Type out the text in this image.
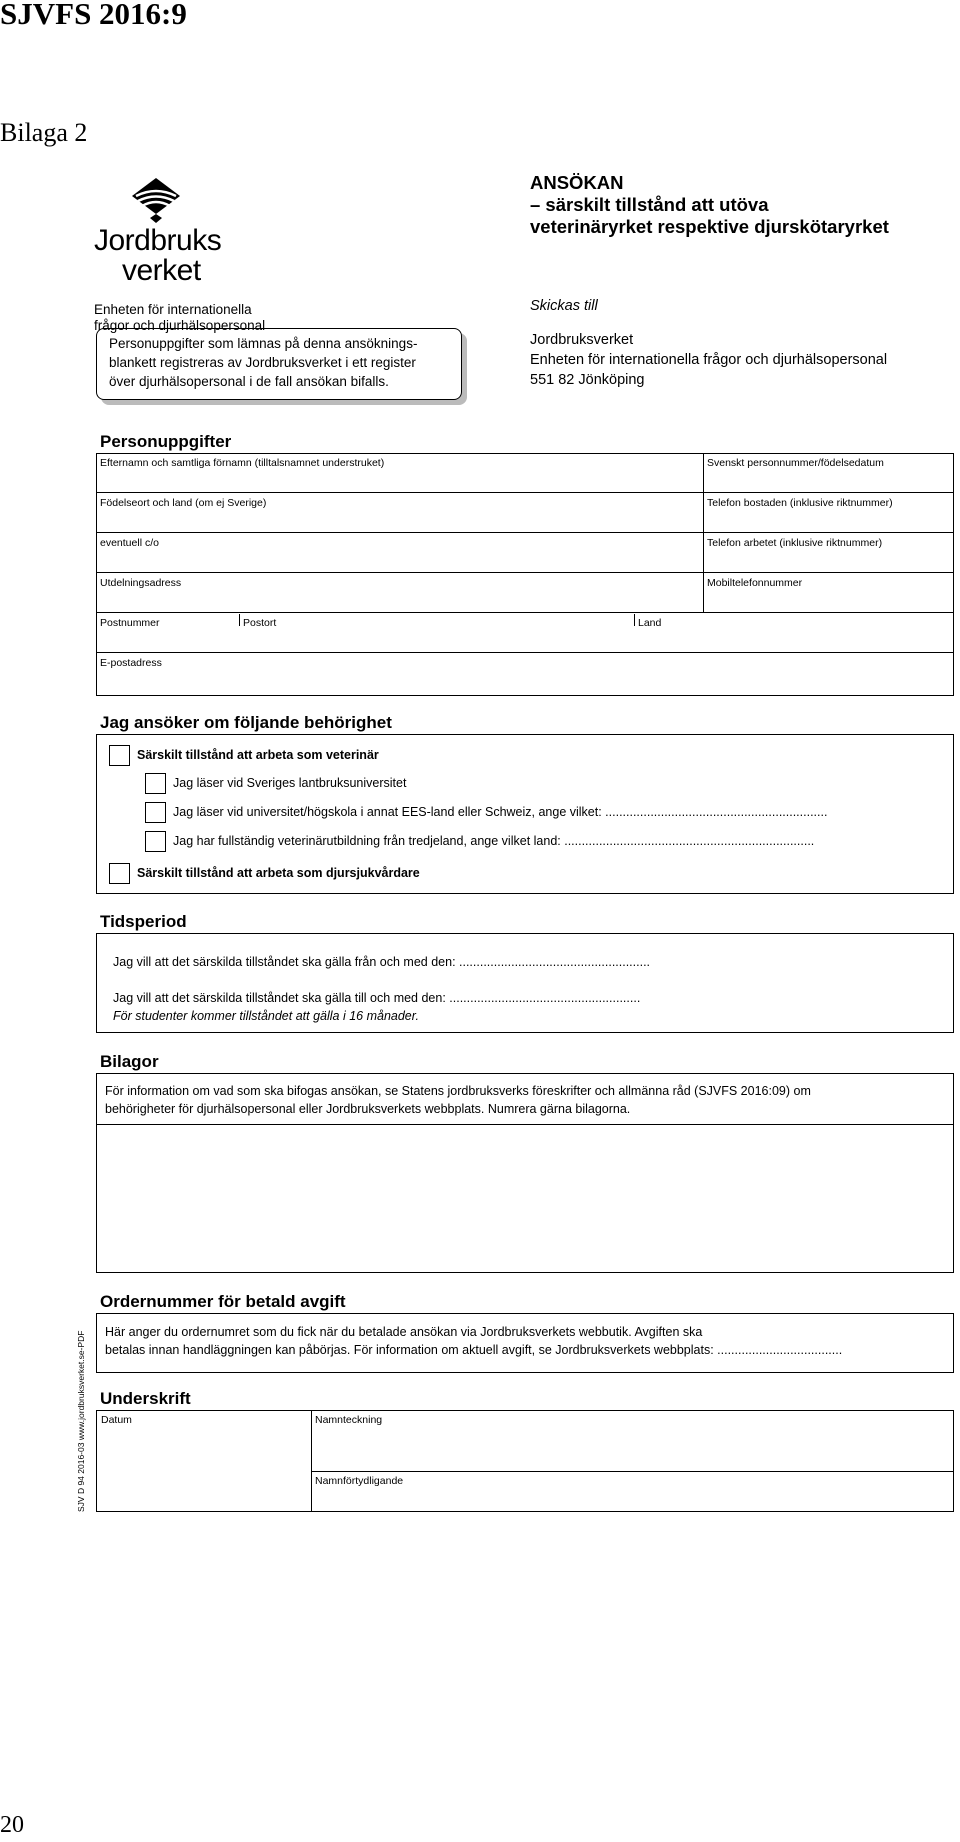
SJVFS 2016:9
Bilaga 2
Jordbruks
verket
Enheten för internationella
frågor och djurhälsopersonal
Personuppgifter som lämnas på denna ansöknings-
blankett registreras av Jordbruksverket i ett register
över djurhälsopersonal i de fall ansökan bifalls.
ANSÖKAN
– särskilt tillstånd att utöva
veterinäryrket respektive djurskötaryrket
Skickas till
Jordbruksverket
Enheten för internationella frågor och djurhälsopersonal
551 82 Jönköping
Personuppgifter
Efternamn och samtliga förnamn (tilltalsnamnet understruket)	Svenskt personnummer/födelsedatum
Födelseort och land (om ej Sverige)	Telefon bostaden (inklusive riktnummer)
eventuell c/o	Telefon arbetet (inklusive riktnummer)
Utdelningsadress	Mobiltelefonnummer
Postnummer	Postort	Land
E-postadress
Jag ansöker om följande behörighet
Särskilt tillstånd att arbeta som veterinär
Jag läser vid Sveriges lantbruksuniversitet
Jag läser vid universitet/högskola i annat EES-land eller Schweiz, ange vilket: ................................................................
Jag har fullständig veterinärutbildning från tredjeland, ange vilket land: ........................................................................
Särskilt tillstånd att arbeta som djursjukvårdare
Tidsperiod
Jag vill att det särskilda tillståndet ska gälla från och med den: .......................................................
Jag vill att det särskilda tillståndet ska gälla till och med den: .......................................................
För studenter kommer tillståndet att gälla i 16 månader.
Bilagor
För information om vad som ska bifogas ansökan, se Statens jordbruksverks föreskrifter och allmänna råd (SJVFS 2016:09) om
behörigheter för djurhälsopersonal eller Jordbruksverkets webbplats. Numrera gärna bilagorna.
Ordernummer för betald avgift
Här anger du ordernumret som du fick när du betalade ansökan via Jordbruksverkets webbutik. Avgiften ska
betalas innan handläggningen kan påbörjas. För information om aktuell avgift, se Jordbruksverkets webbplats: ....................................
Underskrift
Datum	Namnteckning
Namnförtydligande
SJV D 94 2016-03 www.jordbruksverket.se-PDF
20
